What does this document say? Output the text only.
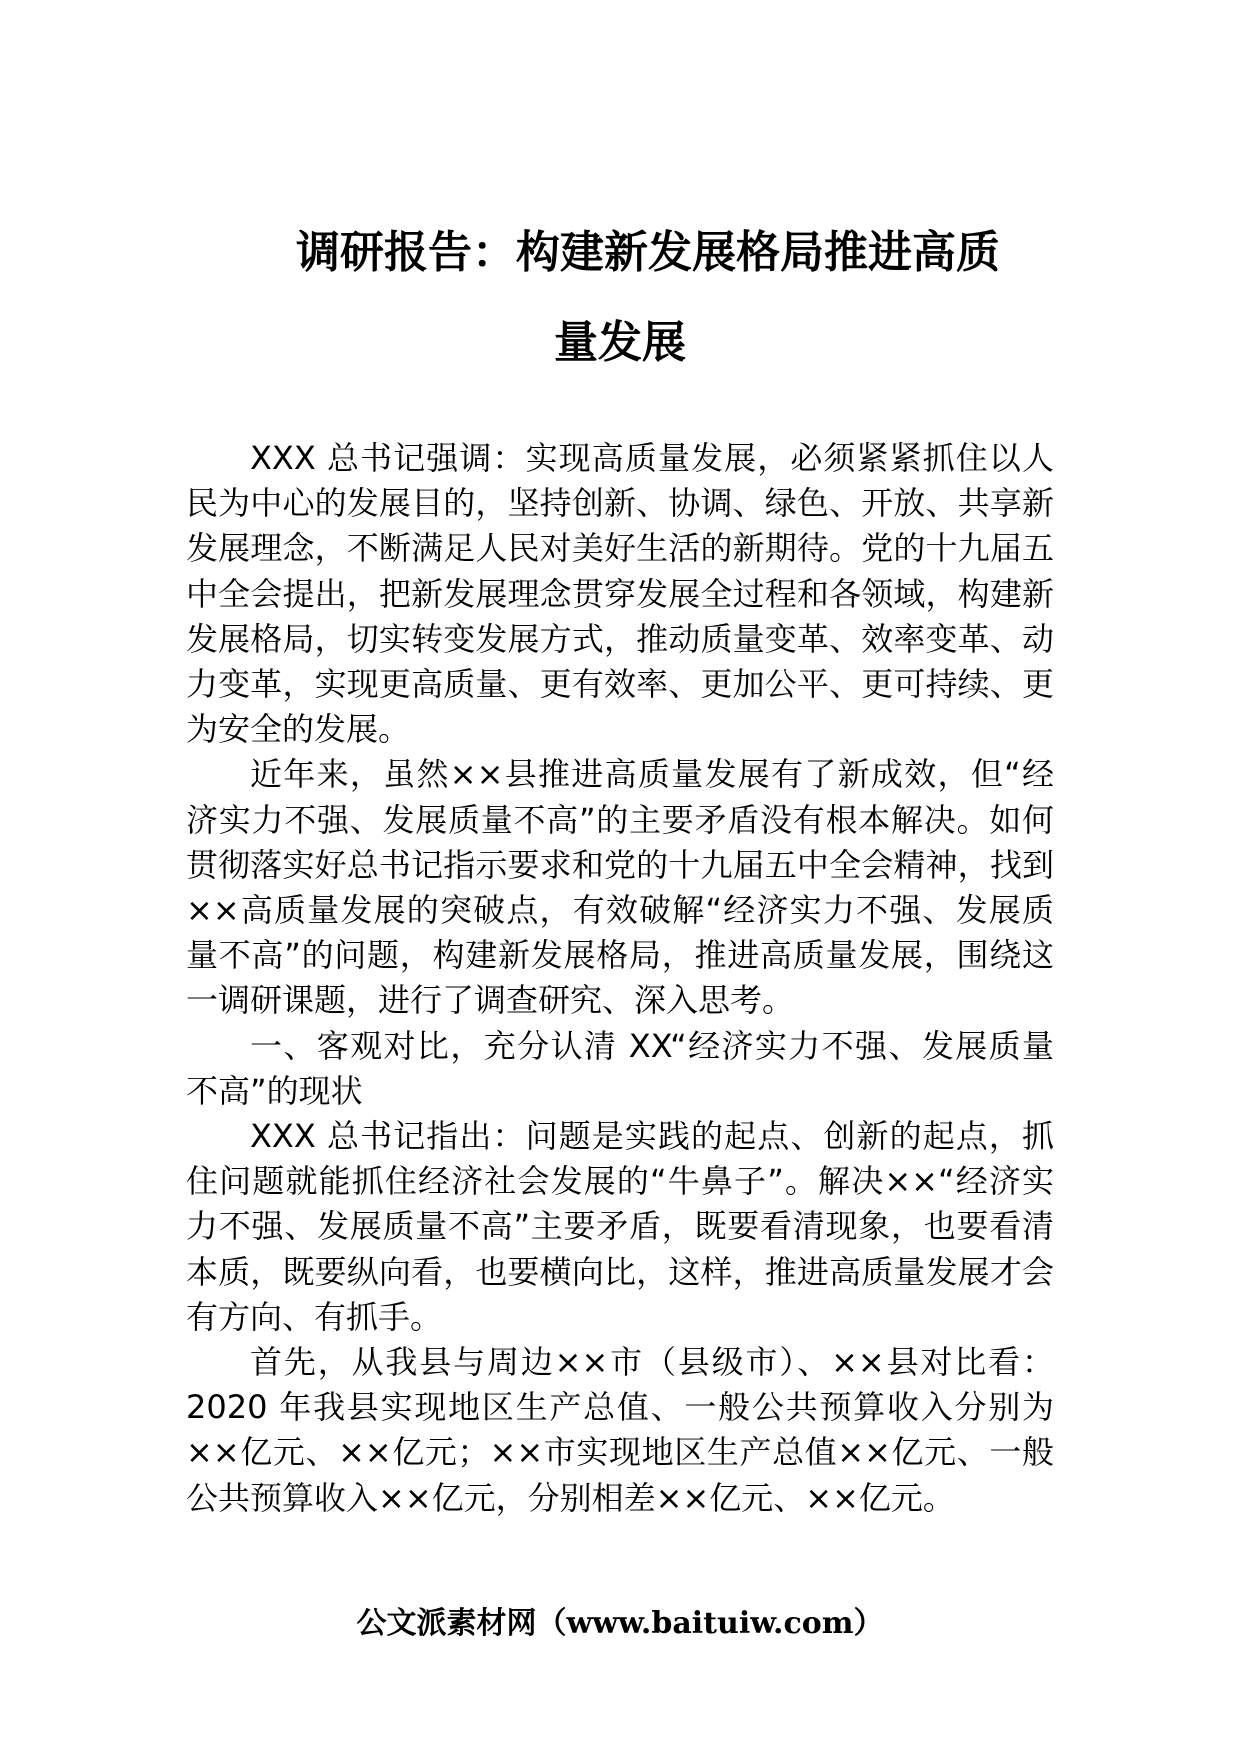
调研报告：构建新发展格局推进高质
量发展

XXX 总书记强调：实现高质量发展，必须紧紧抓住以人民为中心的发展目的，坚持创新、协调、绿色、开放、共享新发展理念，不断满足人民对美好生活的新期待。党的十九届五中全会提出，把新发展理念贯穿发展全过程和各领域，构建新发展格局，切实转变发展方式，推动质量变革、效率变革、动力变革，实现更高质量、更有效率、更加公平、更可持续、更为安全的发展。

近年来，虽然××县推进高质量发展有了新成效，但“经济实力不强、发展质量不高”的主要矛盾没有根本解决。如何贯彻落实好总书记指示要求和党的十九届五中全会精神，找到××高质量发展的突破点，有效破解“经济实力不强、发展质量不高”的问题，构建新发展格局，推进高质量发展，围绕这一调研课题，进行了调查研究、深入思考。

一、客观对比，充分认清 XX“经济实力不强、发展质量不高”的现状

XXX 总书记指出：问题是实践的起点、创新的起点，抓住问题就能抓住经济社会发展的“牛鼻子”。解决××“经济实力不强、发展质量不高”主要矛盾，既要看清现象，也要看清本质，既要纵向看，也要横向比，这样，推进高质量发展才会有方向、有抓手。

首先，从我县与周边××市（县级市）、××县对比看：2020 年我县实现地区生产总值、一般公共预算收入分别为××亿元、××亿元；××市实现地区生产总值××亿元、一般公共预算收入××亿元，分别相差××亿元、××亿元。

公文派素材网（www.baituiw.com）
